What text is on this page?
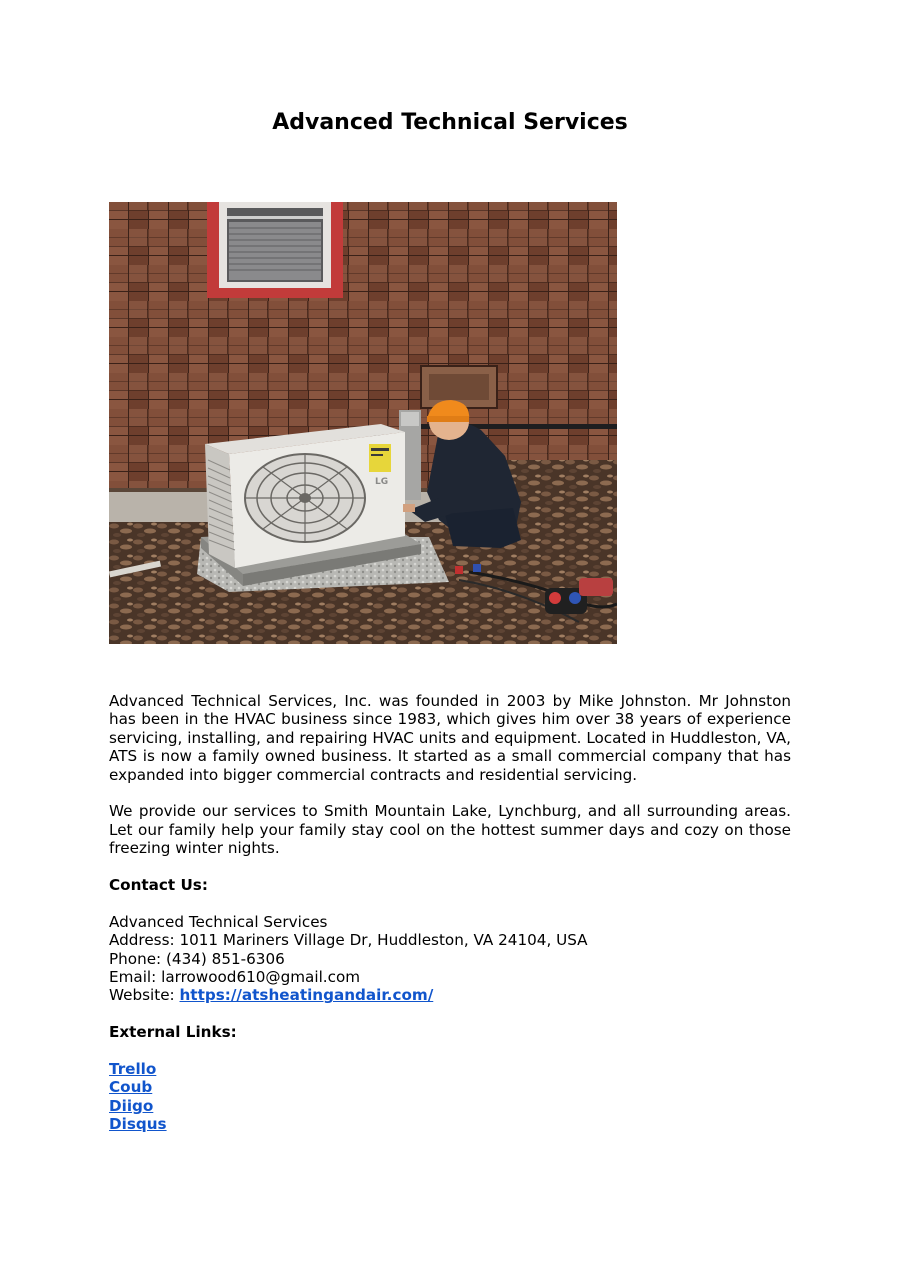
Advanced Technical Services
LG

Advanced Technical Services, Inc. was founded in 2003 by Mike Johnston. Mr Johnston has been in the HVAC business since 1983, which gives him over 38 years of experience servicing, installing, and repairing HVAC units and equipment. Located in Huddleston, VA, ATS is now a family owned business. It started as a small commercial company that has expanded into bigger commercial contracts and residential servicing.

We provide our services to Smith Mountain Lake, Lynchburg, and all surrounding areas. Let our family help your family stay cool on the hottest summer days and cozy on those freezing winter nights.

Contact Us:

Advanced Technical Services
Address: 1011 Mariners Village Dr, Huddleston, VA 24104, USA
Phone: (434) 851-6306
Email: larrowood610@gmail.com
Website: https://atsheatingandair.com/

External Links:

Trello
Coub
Diigo
Disqus
